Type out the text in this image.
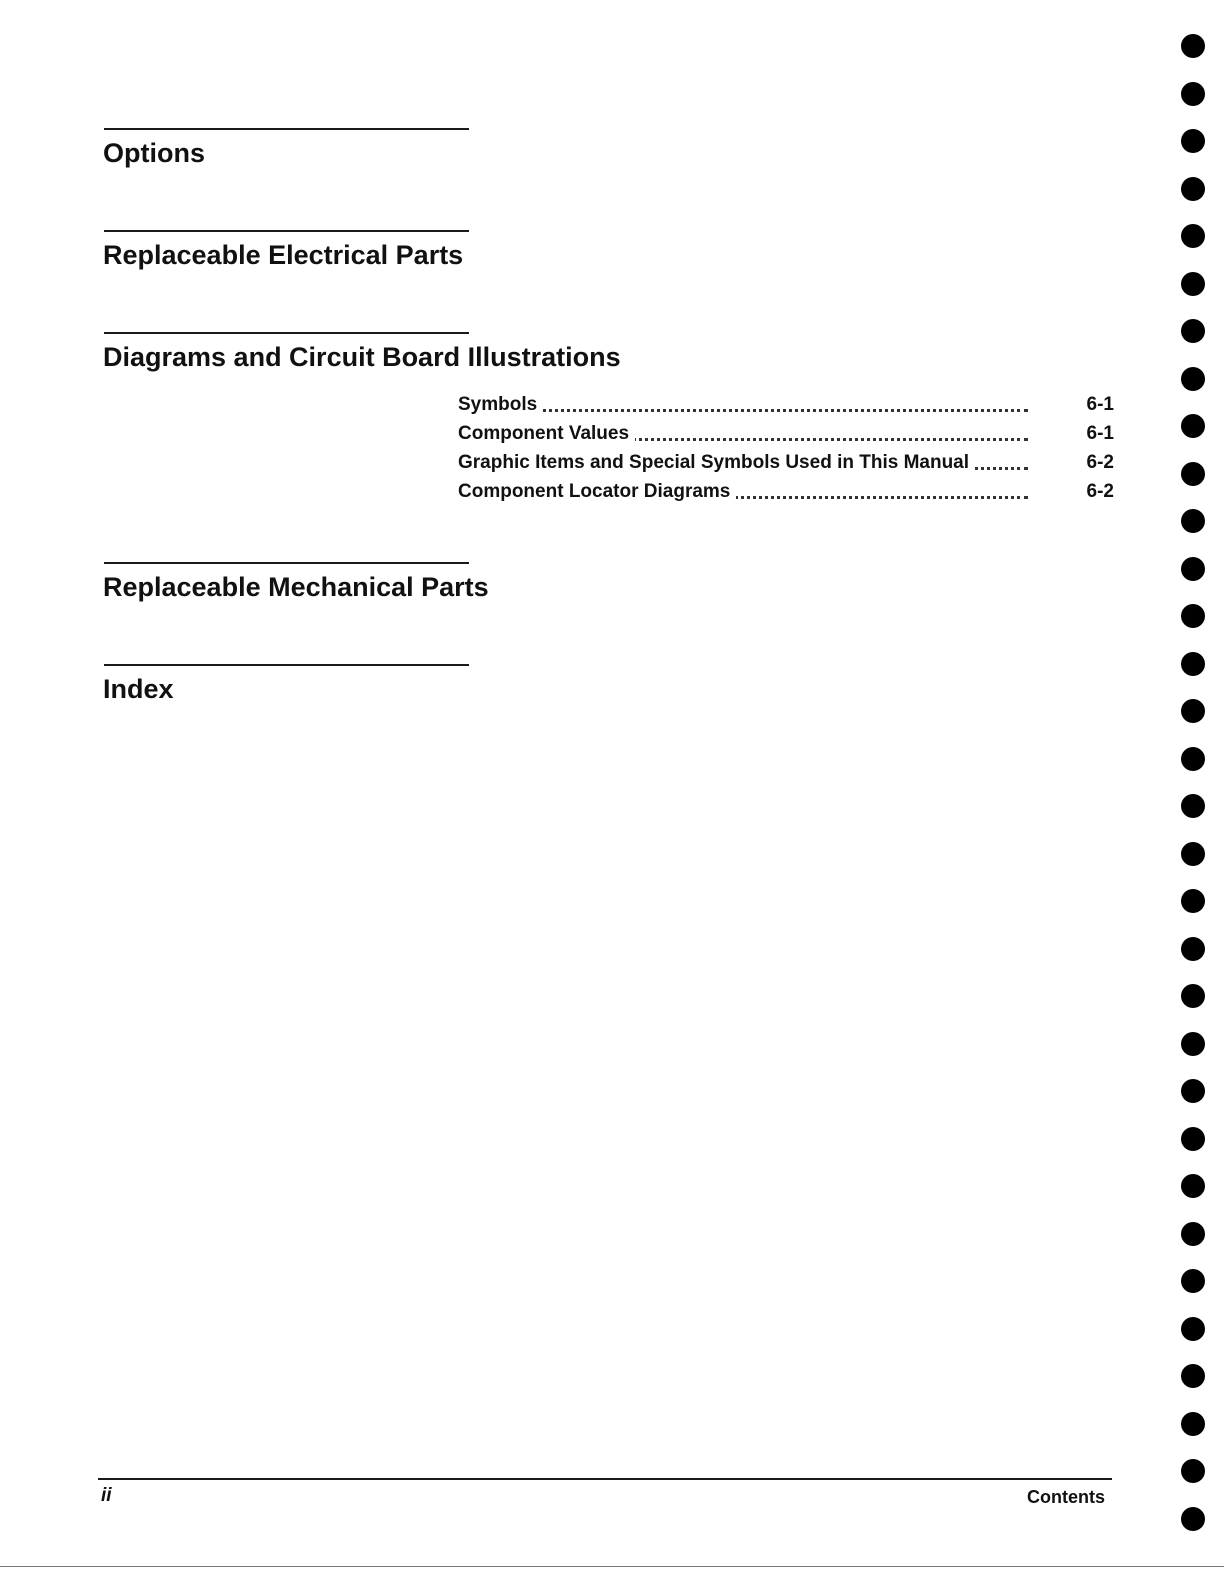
Options
Replaceable Electrical Parts
Diagrams and Circuit Board Illustrations
Symbols	6-1
Component Values	6-1
Graphic Items and Special Symbols Used in This Manual	6-2
Component Locator Diagrams	6-2
Replaceable Mechanical Parts
Index
ii	Contents
